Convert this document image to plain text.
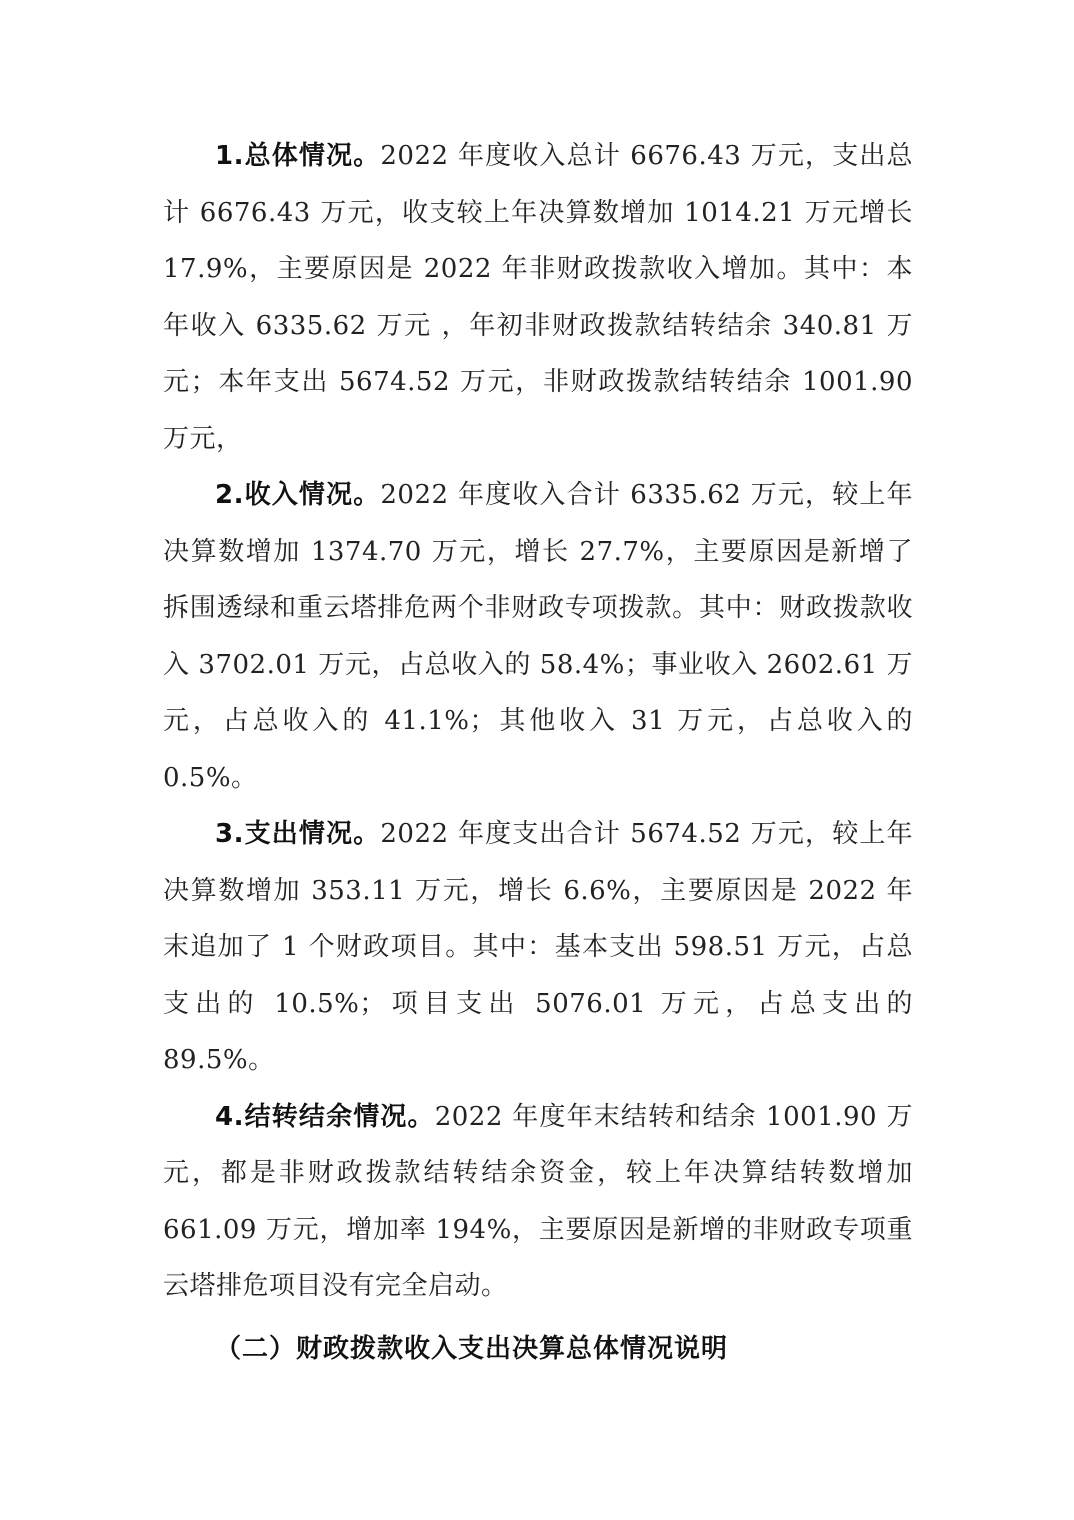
1.总体情况。2022 年度收入总计 6676.43 万元，支出总计 6676.43 万元，收支较上年决算数增加 1014.21 万元增长 17.9%，主要原因是 2022 年非财政拨款收入增加。其中：本年收入 6335.62 万元 ，年初非财政拨款结转结余 340.81 万元；本年支出 5674.52 万元，非财政拨款结转结余 1001.90 万元，

2.收入情况。2022 年度收入合计 6335.62 万元，较上年决算数增加 1374.70 万元，增长 27.7%，主要原因是新增了拆围透绿和重云塔排危两个非财政专项拨款。其中：财政拨款收入 3702.01 万元，占总收入的 58.4%；事业收入 2602.61 万元，占总收入的 41.1%；其他收入 31 万元，占总收入的 0.5%。

3.支出情况。2022 年度支出合计 5674.52 万元，较上年决算数增加 353.11 万元，增长 6.6%，主要原因是 2022 年末追加了 1 个财政项目。其中：基本支出 598.51 万元，占总支出的 10.5%；项目支出 5076.01 万元，占总支出的 89.5%。

4.结转结余情况。2022 年度年末结转和结余 1001.90 万元，都是非财政拨款结转结余资金，较上年决算结转数增加 661.09 万元，增加率 194%，主要原因是新增的非财政专项重云塔排危项目没有完全启动。

（二）财政拨款收入支出决算总体情况说明
